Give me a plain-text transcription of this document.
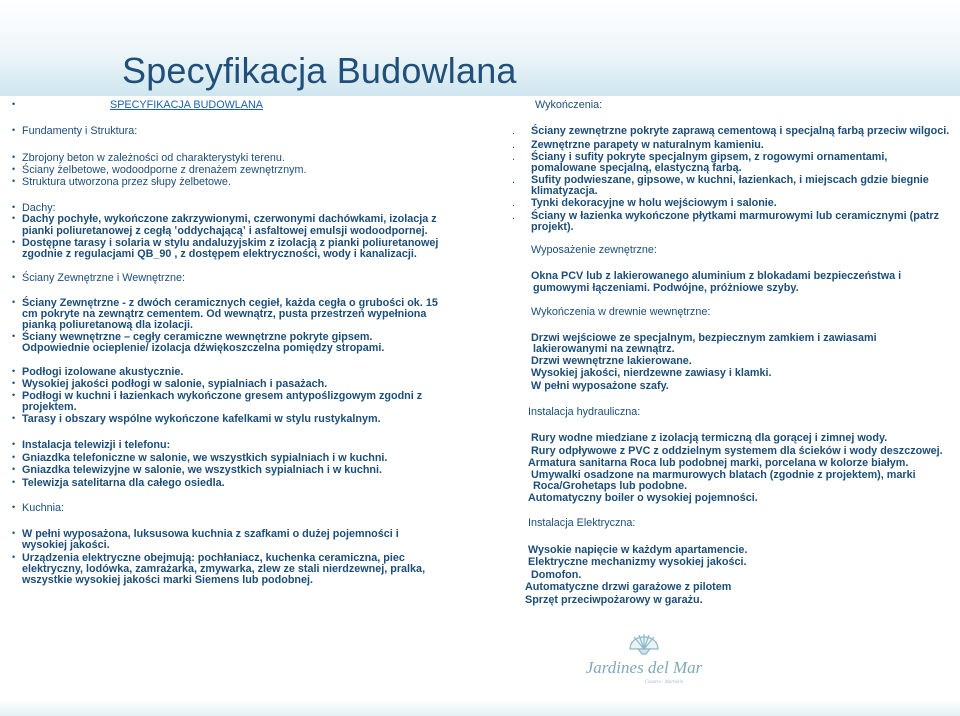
Specyfikacja Budowlana
•	SPECYFIKACJA BUDOWLANA
• Fundamenty i Struktura:
• Zbrojony beton w zależności od charakterystyki terenu.
• Ściany żelbetowe, wodoodporne z drenażem zewnętrznym.
• Struktura utworzona przez słupy żelbetowe.
• Dachy:
• Dachy pochyłe, wykończone zakrzywionymi, czerwonymi dachówkami, izolacja z
pianki poliuretanowej z cegłą ʽoddychającąʼ i asfaltowej emulsji wodoodpornej.
• Dostępne tarasy i solaria w stylu andaluzyjskim z izolacją z pianki poliuretanowej
zgodnie z regulacjami QB_90 , z dostępem elektryczności, wody i kanalizacji.
• Ściany Zewnętrzne i Wewnętrzne:
• Ściany Zewnętrzne - z dwóch ceramicznych cegieł, każda cegła o grubości ok. 15
cm pokryte na zewnątrz cementem. Od wewnątrz, pusta przestrzeń wypełniona
pianką poliuretanową dla izolacji.
• Ściany wewnętrzne – cegły ceramiczne wewnętrzne pokryte gipsem.
Odpowiednie ocieplenie/ izolacja dźwiękoszczelna pomiędzy stropami.
• Podłogi izolowane akustycznie.
• Wysokiej jakości podłogi w salonie, sypialniach i pasażach.
• Podłogi w kuchni i łazienkach wykończone gresem antypoślizgowym zgodni z
projektem.
• Tarasy i obszary wspólne wykończone kafelkami w stylu rustykalnym.
• Instalacja telewizji i telefonu:
• Gniazdka telefoniczne w salonie, we wszystkich sypialniach i w kuchni.
• Gniazdka telewizyjne w salonie, we wszystkich sypialniach i w kuchni.
• Telewizja satelitarna dla całego osiedla.
• Kuchnia:
• W pełni wyposażona, luksusowa kuchnia z szafkami o dużej pojemności i
wysokiej jakości.
• Urządzenia elektryczne obejmują: pochłaniacz, kuchenka ceramiczna, piec
elektryczny, lodówka, zamrażarka, zmywarka, zlew ze stali nierdzewnej, pralka,
wszystkie wysokiej jakości marki Siemens lub podobnej.
Wykończenia:
. Ściany zewnętrzne pokryte zaprawą cementową i specjalną farbą przeciw wilgoci.
. Zewnętrzne parapety w naturalnym kamieniu.
. Ściany i sufity pokryte specjalnym gipsem, z rogowymi ornamentami,
pomalowane specjalną, elastyczną farbą.
. Sufity podwieszane, gipsowe, w kuchni, łazienkach, i miejscach gdzie biegnie
klimatyzacja.
. Tynki dekoracyjne w holu wejściowym i salonie.
. Ściany w łazienka wykończone płytkami marmurowymi lub ceramicznymi (patrz
projekt).
Wyposażenie zewnętrzne:
Okna PCV lub z lakierowanego aluminium z blokadami bezpieczeństwa i
gumowymi łączeniami. Podwójne, próżniowe szyby.
Wykończenia w drewnie wewnętrzne:
Drzwi wejściowe ze specjalnym, bezpiecznym zamkiem i zawiasami
lakierowanymi na zewnątrz.
Drzwi wewnętrzne lakierowane.
Wysokiej jakości, nierdzewne zawiasy i klamki.
W pełni wyposażone szafy.
Instalacja hydrauliczna:
Rury wodne miedziane z izolacją termiczną dla gorącej i zimnej wody.
Rury odpływowe z PVC z oddzielnym systemem dla ścieków i wody deszczowej.
Armatura sanitarna Roca lub podobnej marki, porcelana w kolorze białym.
Umywalki osadzone na marmurowych blatach (zgodnie z projektem), marki
Roca/Grohetaps lub podobne.
Automatyczny boiler o wysokiej pojemności.
Instalacja Elektryczna:
Wysokie napięcie w każdym apartamencie.
Elektryczne mechanizmy wysokiej jakości.
Domofon.
Automatyczne drzwi garażowe z pilotem
Sprzęt przeciwpożarowy w garażu.
Jardines del Mar
Casares · Marbella
